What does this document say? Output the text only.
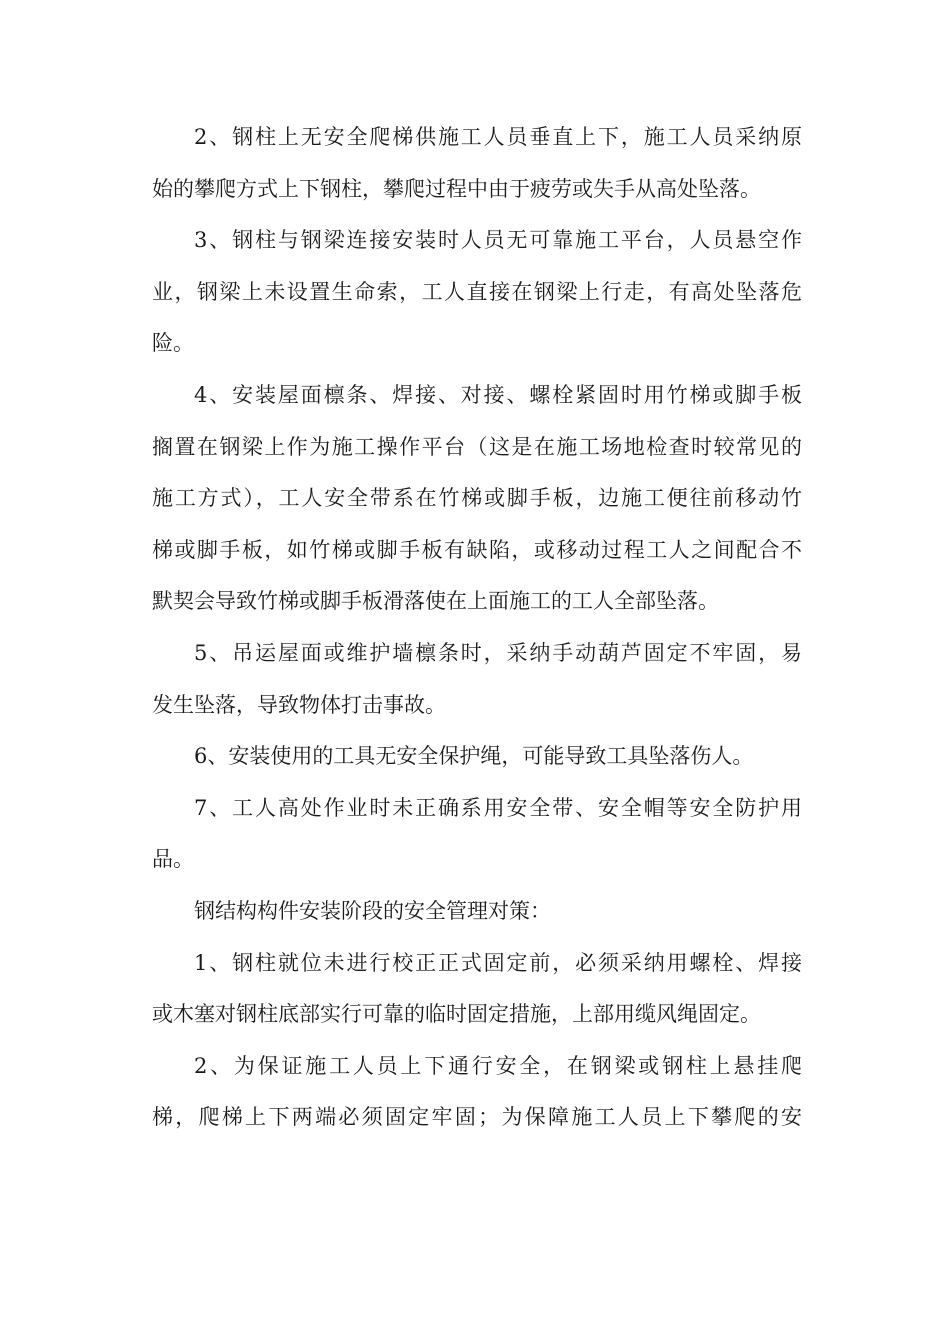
2、钢柱上无安全爬梯供施工人员垂直上下，施工人员采纳原
始的攀爬方式上下钢柱，攀爬过程中由于疲劳或失手从高处坠落。
3、钢柱与钢梁连接安装时人员无可靠施工平台，人员悬空作
业，钢梁上未设置生命索，工人直接在钢梁上行走，有高处坠落危
险。
4、安装屋面檩条、焊接、对接、螺栓紧固时用竹梯或脚手板
搁置在钢梁上作为施工操作平台（这是在施工场地检查时较常见的
施工方式），工人安全带系在竹梯或脚手板，边施工便往前移动竹
梯或脚手板，如竹梯或脚手板有缺陷，或移动过程工人之间配合不
默契会导致竹梯或脚手板滑落使在上面施工的工人全部坠落。
5、吊运屋面或维护墙檩条时，采纳手动葫芦固定不牢固，易
发生坠落，导致物体打击事故。
6、安装使用的工具无安全保护绳，可能导致工具坠落伤人。
7、工人高处作业时未正确系用安全带、安全帽等安全防护用
品。
钢结构构件安装阶段的安全管理对策：
1、钢柱就位未进行校正正式固定前，必须采纳用螺栓、焊接
或木塞对钢柱底部实行可靠的临时固定措施，上部用缆风绳固定。
2、为保证施工人员上下通行安全，在钢梁或钢柱上悬挂爬
梯，爬梯上下两端必须固定牢固；为保障施工人员上下攀爬的安
